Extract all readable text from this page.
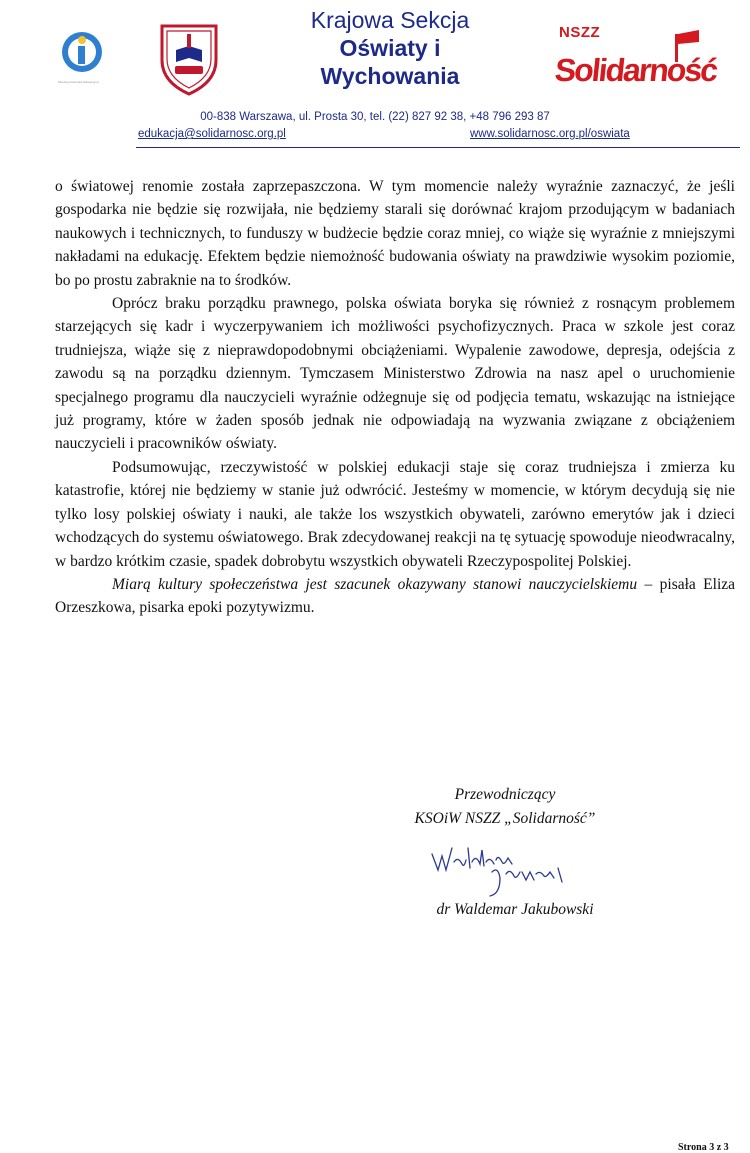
Międzynarodówka Edukacyjna
Krajowa Sekcja
Oświaty i
Wychowania
NSZZ
Solidarność
00-838 Warszawa, ul. Prosta 30, tel. (22) 827 92 38, +48 796 293 87
edukacja@solidarnosc.org.pl	www.solidarnosc.org.pl/oswiata

o światowej renomie została zaprzepaszczona. W tym momencie należy wyraźnie zaznaczyć, że jeśli gospodarka nie będzie się rozwijała, nie będziemy starali się dorównać krajom przodującym w badaniach naukowych i technicznych, to funduszy w budżecie będzie coraz mniej, co wiąże się wyraźnie z mniejszymi nakładami na edukację. Efektem będzie niemożność budowania oświaty na prawdziwie wysokim poziomie, bo po prostu zabraknie na to środków.

Oprócz braku porządku prawnego, polska oświata boryka się również z rosnącym problemem starzejących się kadr i wyczerpywaniem ich możliwości psychofizycznych. Praca w szkole jest coraz trudniejsza, wiąże się z nieprawdopodobnymi obciążeniami. Wypalenie zawodowe, depresja, odejścia z zawodu są na porządku dziennym. Tymczasem Ministerstwo Zdrowia na nasz apel o uruchomienie specjalnego programu dla nauczycieli wyraźnie odżegnuje się od podjęcia tematu, wskazując na istniejące już programy, które w żaden sposób jednak nie odpowiadają na wyzwania związane z obciążeniem nauczycieli i pracowników oświaty.

Podsumowując, rzeczywistość w polskiej edukacji staje się coraz trudniejsza i zmierza ku katastrofie, której nie będziemy w stanie już odwrócić. Jesteśmy w momencie, w którym decydują się nie tylko losy polskiej oświaty i nauki, ale także los wszystkich obywateli, zarówno emerytów jak i dzieci wchodzących do systemu oświatowego. Brak zdecydowanej reakcji na tę sytuację spowoduje nieodwracalny, w bardzo krótkim czasie, spadek dobrobytu wszystkich obywateli Rzeczypospolitej Polskiej.

Miarą kultury społeczeństwa jest szacunek okazywany stanowi nauczycielskiemu – pisała Eliza Orzeszkowa, pisarka epoki pozytywizmu.

Przewodniczący
KSOiW NSZZ „Solidarność”
dr Waldemar Jakubowski
Strona 3 z 3
